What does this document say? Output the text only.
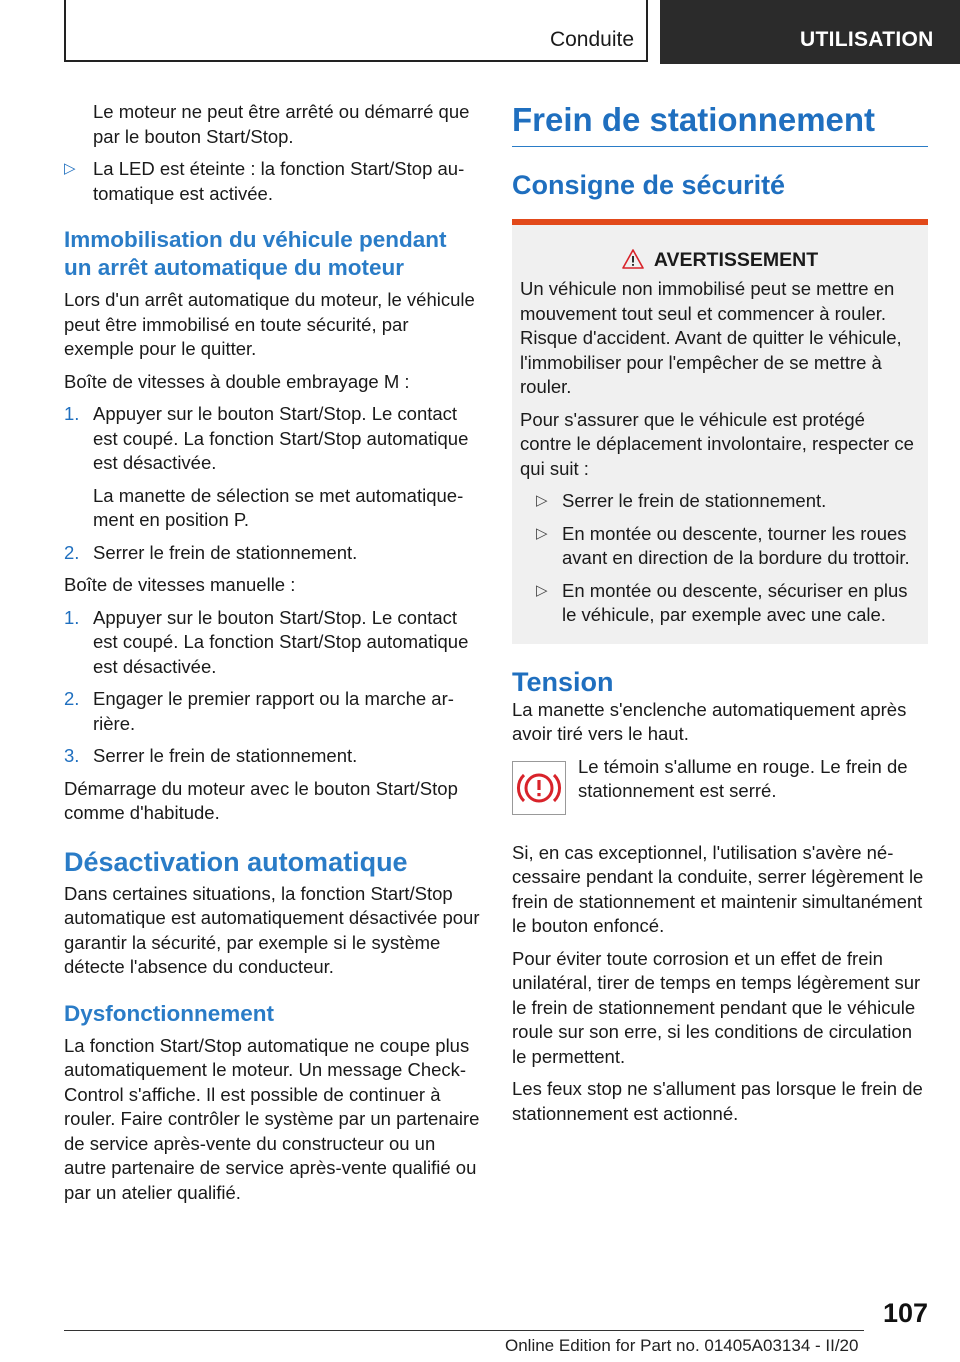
Conduite	UTILISATION

Le moteur ne peut être arrêté ou démarré que par le bouton Start/Stop.

▷ La LED est éteinte : la fonction Start/Stop automatique est activée.
Immobilisation du véhicule pendant un arrêt automatique du moteur

Lors d'un arrêt automatique du moteur, le véhicule peut être immobilisé en toute sécurité, par exemple pour le quitter.

Boîte de vitesses à double embrayage M :

1. Appuyer sur le bouton Start/Stop. Le contact est coupé. La fonction Start/Stop automatique est désactivée.

La manette de sélection se met automatiquement en position P.

2. Serrer le frein de stationnement.

Boîte de vitesses manuelle :

1. Appuyer sur le bouton Start/Stop. Le contact est coupé. La fonction Start/Stop automatique est désactivée.
2. Engager le premier rapport ou la marche arrière.
3. Serrer le frein de stationnement.

Démarrage du moteur avec le bouton Start/Stop comme d'habitude.

Désactivation automatique

Dans certaines situations, la fonction Start/Stop automatique est automatiquement désactivée pour garantir la sécurité, par exemple si le système détecte l'absence du conducteur.

Dysfonctionnement

La fonction Start/Stop automatique ne coupe plus automatiquement le moteur. Un message Check-Control s'affiche. Il est possible de continuer à rouler. Faire contrôler le système par un partenaire de service après-vente du constructeur ou un autre partenaire de service après-vente qualifié ou par un atelier qualifié.

Frein de stationnement
Consigne de sécurité
AVERTISSEMENT

Un véhicule non immobilisé peut se mettre en mouvement tout seul et commencer à rouler. Risque d'accident. Avant de quitter le véhicule, l'immobiliser pour l'empêcher de se mettre à rouler.

Pour s'assurer que le véhicule est protégé contre le déplacement involontaire, respecter ce qui suit :

▷ Serrer le frein de stationnement.
▷ En montée ou descente, tourner les roues avant en direction de la bordure du trottoir.
▷ En montée ou descente, sécuriser en plus le véhicule, par exemple avec une cale.
Tension

La manette s'enclenche automatiquement après avoir tiré vers le haut.

Le témoin s'allume en rouge. Le frein de stationnement est serré.

Si, en cas exceptionnel, l'utilisation s'avère nécessaire pendant la conduite, serrer légèrement le frein de stationnement et maintenir simultanément le bouton enfoncé.

Pour éviter toute corrosion et un effet de frein unilatéral, tirer de temps en temps légèrement sur le frein de stationnement pendant que le véhicule roule sur son erre, si les conditions de circulation le permettent.

Les feux stop ne s'allument pas lorsque le frein de stationnement est actionné.

107
Online Edition for Part no. 01405A03134 - II/20
